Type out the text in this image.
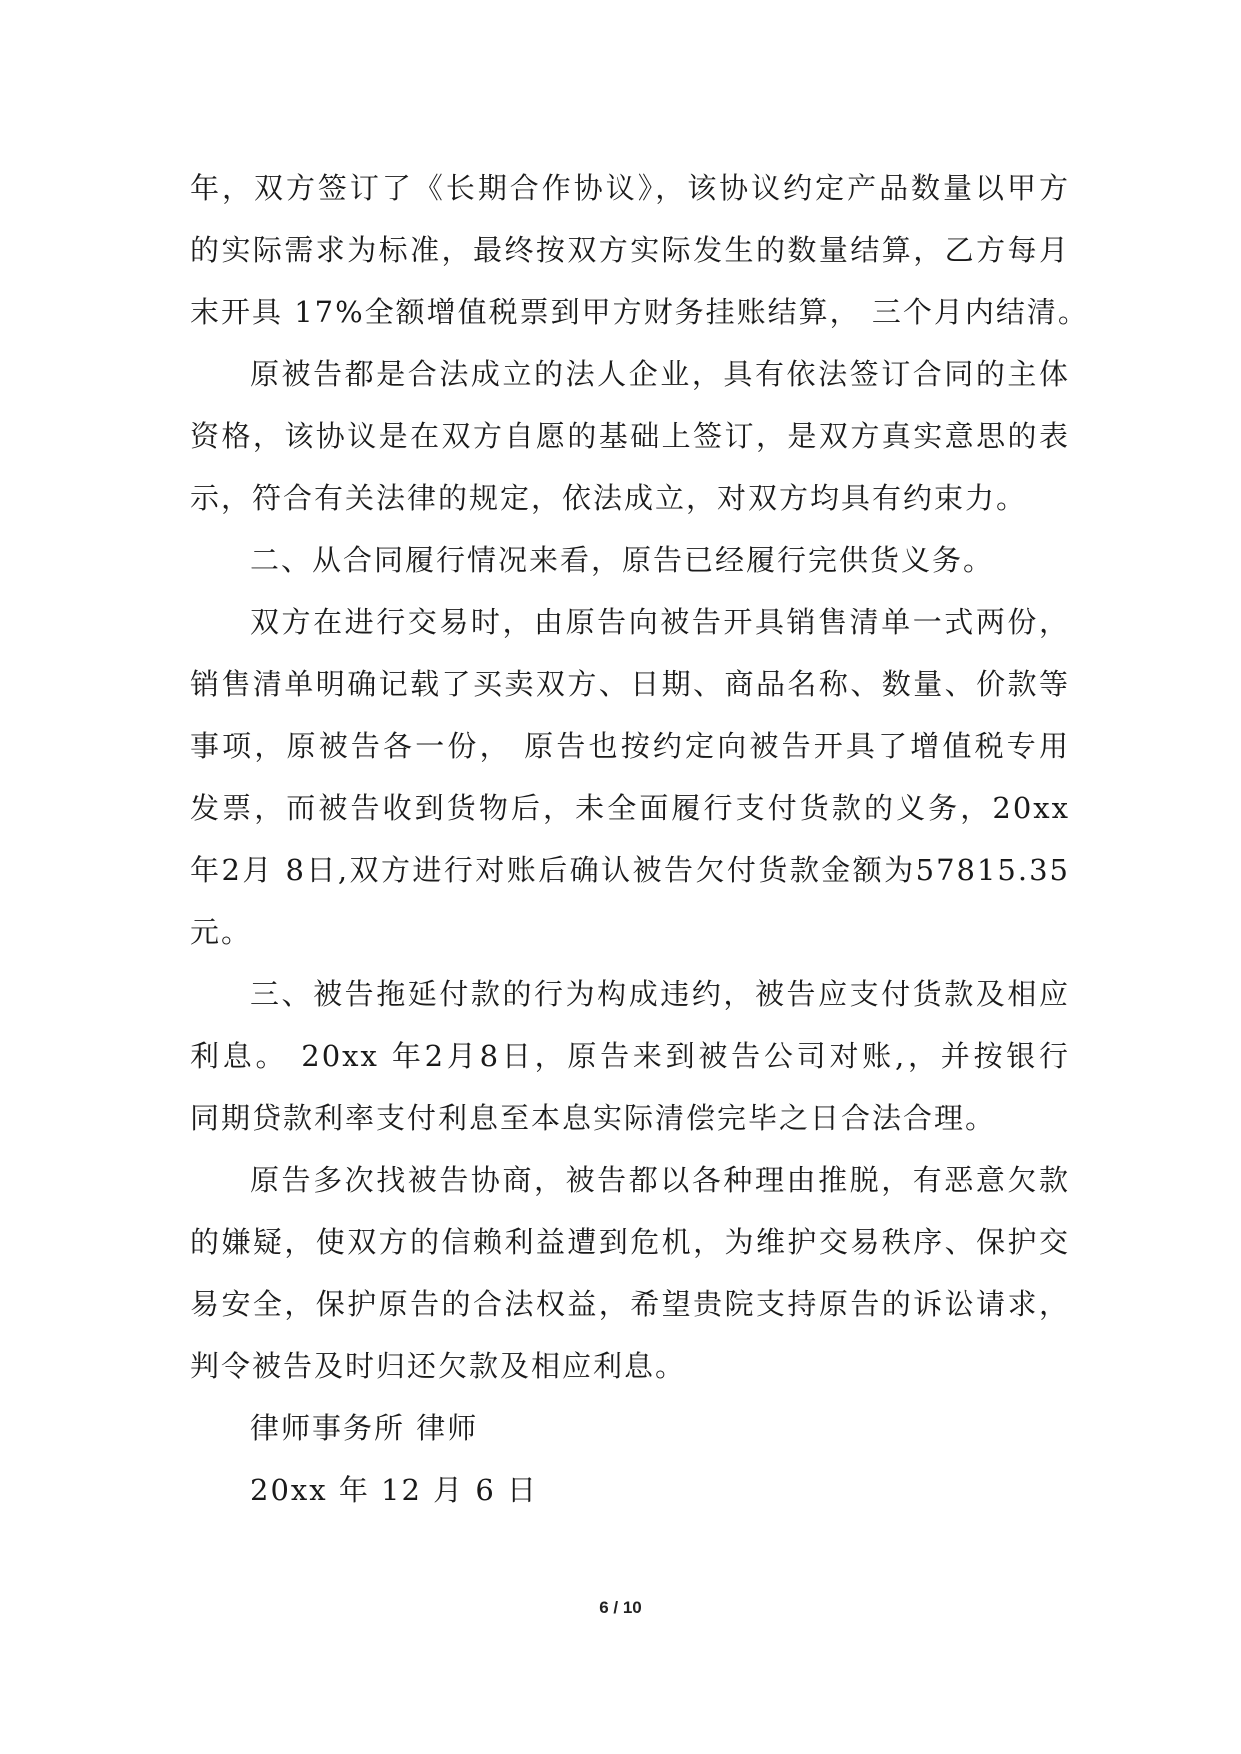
年，双方签订了《长期合作协议》，该协议约定产品数量以甲方
的实际需求为标准，最终按双方实际发生的数量结算，乙方每月
末开具 17%全额增值税票到甲方财务挂账结算， 三个月内结清。
原被告都是合法成立的法人企业，具有依法签订合同的主体
资格，该协议是在双方自愿的基础上签订，是双方真实意思的表
示，符合有关法律的规定，依法成立，对双方均具有约束力。
二、从合同履行情况来看，原告已经履行完供货义务。
双方在进行交易时，由原告向被告开具销售清单一式两份，
销售清单明确记载了买卖双方、日期、商品名称、数量、价款等
事项，原被告各一份， 原告也按约定向被告开具了增值税专用
发票，而被告收到货物后，未全面履行支付货款的义务，20xx
年2月 8日,双方进行对账后确认被告欠付货款金额为57815.35
元。
三、被告拖延付款的行为构成违约，被告应支付货款及相应
利息。 20xx 年2月8日，原告来到被告公司对账,，并按银行
同期贷款利率支付利息至本息实际清偿完毕之日合法合理。
原告多次找被告协商，被告都以各种理由推脱，有恶意欠款
的嫌疑，使双方的信赖利益遭到危机，为维护交易秩序、保护交
易安全，保护原告的合法权益，希望贵院支持原告的诉讼请求，
判令被告及时归还欠款及相应利息。
律师事务所 律师
20xx 年 12 月 6 日
6 / 10
